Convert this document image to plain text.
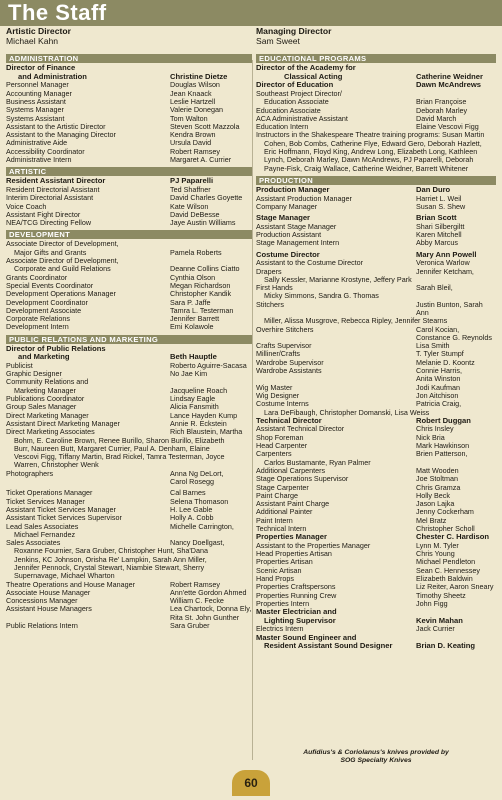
The Staff
Artistic Director
Michael Kahn
ADMINISTRATION
Director of Finance
and Administration	Christine Dietze
Personnel Manager	Douglas Wilson
Accounting Manager	Jean Knaack
Business Assistant	Leslie Hartzell
Systems Manager	Valerie Donegan
Systems Assistant	Tom Walton
Assistant to the Artistic Director	Steven Scott Mazzola
Assistant to the Managing Director	Kendra Brown
Administrative Aide	Ursula David
Accessibility Coordinator	Robert Ramsey
Administrative Intern	Margaret A. Currier
ARTISTIC
Resident Assistant Director	PJ Paparelli
Resident Directorial Assistant	Ted Shaffner
Interim Directorial Assistant	David Charles Goyette
Voice Coach	Kate Wilson
Assistant Fight Director	David DeBesse
NEA/TCG Directing Fellow	Jaye Austin Williams
DEVELOPMENT
Associate Director of Development,
Major Gifts and Grants	Pamela Roberts
Associate Director of Development,
Corporate and Guild Relations	Deanne Collins Ciatto
Grants Coordinator	Cynthia Olson
Special Events Coordinator	Megan Richardson
Development Operations Manager	Christopher Kandik
Development Coordinator	Sara P. Jaffe
Development Associate	Tamra L. Testerman
Corporate Relations	Jennifer Barrett
Development Intern	Emi Kolawole
PUBLIC RELATIONS AND MARKETING
Director of Public Relations
and Marketing	Beth Hauptle
Publicist	Roberto Aguirre-Sacasa
Graphic Designer	No Jae Kim
Community Relations and
Marketing Manager	Jacqueline Roach
Publications Coordinator	Lindsay Eagle
Group Sales Manager	Alicia Fansmith
Direct Marketing Manager	Lance Hayden Kump
Assistant Direct Marketing Manager	Annie R. Eckstein
Direct Marketing Associates	Rich Blaustein, Martha
Bohm, E. Caroline Brown, Renee Burillo, Sharon Burillo, Elizabeth
Burr, Naureen Butt, Margaret Currier, Paul A. Denham, Elaine
Vescovi Figg, Tiffany Martin, Brad Rickel, Tamra Testerman, Joyce
Warren, Christopher Wenk
Photographers	Anna Ng DeLort,
Carol Rosegg
Ticket Operations Manager	Cal Barnes
Ticket Services Manager	Selena Thomason
Assistant Ticket Services Manager	H. Lee Gable
Assistant Ticket Services Supervisor	Holly A. Cobb
Lead Sales Associates	Michelle Carrington,
Michael Fernandez
Sales Associates	Nancy Doellgast,
Roxanne Fournier, Sara Gruber, Christopher Hunt, Sha'Dana
Jenkins, KC Johnson, Orisha Re' Lampkin, Sarah Ann Miller,
Jennifer Pennock, Crystal Stewart, Niambie Stewart, Sherry
Supernavage, Michael Wharton
Theatre Operations and House Manager	Robert Ramsey
Associate House Manager	Ann'ette Gordon Ahmed
Concessions Manager	William C. Fecke
Assistant House Managers	Lea Chartock, Donna Ely,
Rita St. John Gunther
Public Relations Intern	Sara Gruber
Managing Director
Sam Sweet
EDUCATIONAL PROGRAMS
Director of the Academy for
Classical Acting	Catherine Weidner
Director of Education	Dawn McAndrews
Southeast Project Director/
Education Associate	Brian Françoise
Education Associate	Deborah Marley
ACA Administrative Assistant	David March
Education Intern	Elaine Vescovi Figg
Instructors in the Shakespeare Theatre training programs: Susan Martin
Cohen, Bob Combs, Catherine Flye, Edward Gero, Deborah Hazlett,
Eric Hoffmann, Floyd King, Andrew Long, Elizabeth Long, Kathleen
Lynch, Deborah Marley, Dawn McAndrews, PJ Paparelli, Deborah
Payne-Fisk, Craig Wallace, Catherine Weidner, Barrett Whitener
PRODUCTION
Production Manager	Dan Duro
Assistant Production Manager	Harriet L. Weil
Company Manager	Susan S. Shew
Stage Manager	Brian Scott
Assistant Stage Manager	Shari Silbergiltt
Production Assistant	Karen Mitchell
Stage Management Intern	Abby Marcus
Costume Director	Mary Ann Powell
Assistant to the Costume Director	Veronica Warlow
Drapers	Jennifer Ketcham,
Sally Kessler, Marianne Krostyne, Jeffery Park
First Hands	Sarah Bleil,
Micky Simmons, Sandra G. Thomas
Stitchers	Justin Bunton, Sarah Ann
Miller, Alissa Musgrove, Rebecca Ripley, Jennifer Stearns
Overhire Stitchers	Carol Kocian,
Constance G. Reynolds
Crafts Supervisor	Lisa Smith
Milliner/Crafts	T. Tyler Stumpf
Wardrobe Supervisor	Melanie D. Koontz
Wardrobe Assistants	Connie Harris,
Anita Winston
Wig Master	Jodi Kaufman
Wig Designer	Jon Aitchison
Costume Interns	Patricia Craig,
Lara DeFibaugh, Christopher Domanski, Lisa Weiss
Technical Director	Robert Duggan
Assistant Technical Director	Chris Insley
Shop Foreman	Nick Bria
Head Carpenter	Mark Hawkinson
Carpenters	Brien Patterson,
Carlos Bustamante, Ryan Palmer
Additional Carpenters	Matt Wooden
Stage Operations Supervisor	Joe Stoltman
Stage Carpenter	Chris Gramza
Paint Charge	Holly Beck
Assistant Paint Charge	Jason Lajka
Additional Painter	Jenny Cockerham
Paint Intern	Mel Bratz
Technical Intern	Christopher Scholl
Properties Manager	Chester C. Hardison
Assistant to the Properties Manager	Lynn M. Tyler
Head Properties Artisan	Chris Young
Properties Artisan	Michael Pendleton
Scenic Artisan	Sean C. Hennessey
Hand Props	Elizabeth Baldwin
Properties Craftspersons	Liz Reiter, Aaron Sneary
Properties Running Crew	Timothy Sheetz
Properties Intern	John Figg
Master Electrician and
Lighting Supervisor	Kevin Mahan
Electrics Intern	Jack Currier
Master Sound Engineer and
Resident Assistant Sound Designer	Brian D. Keating
Aufidius's & Coriolanus's knives provided by
SOG Specialty Knives
60
